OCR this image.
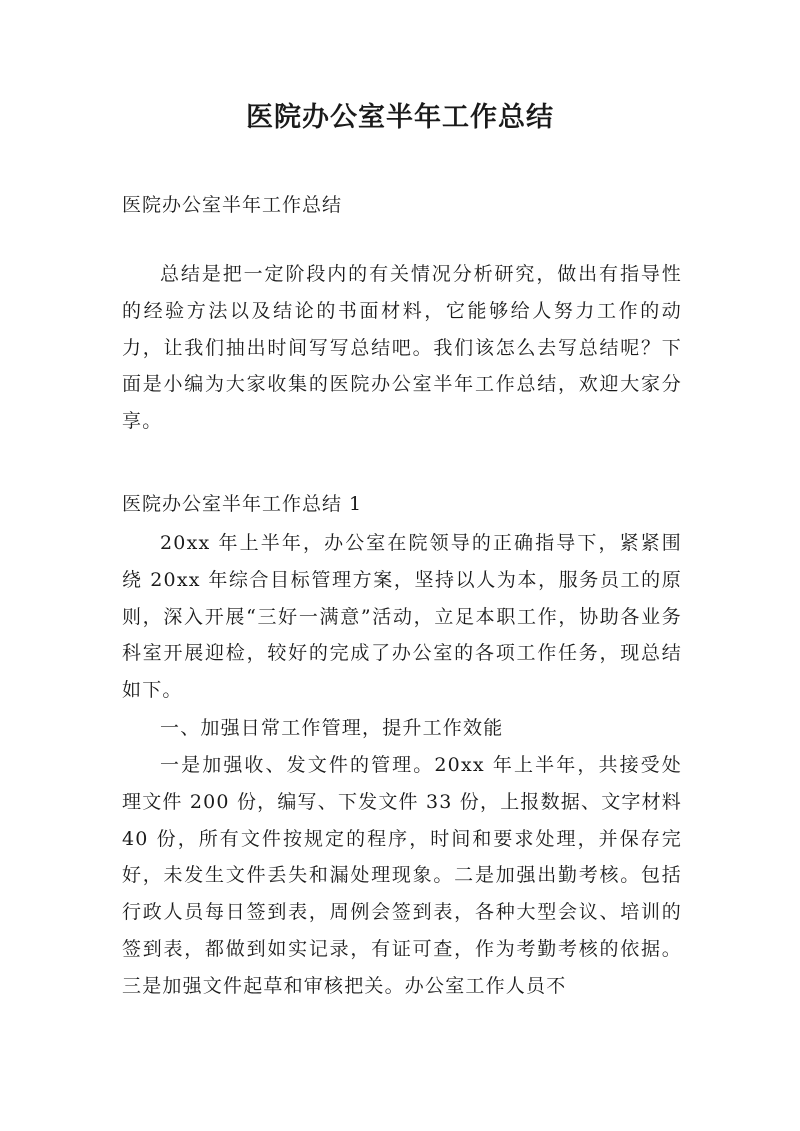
医院办公室半年工作总结

医院办公室半年工作总结

总结是把一定阶段内的有关情况分析研究，做出有指导性的经验方法以及结论的书面材料，它能够给人努力工作的动力，让我们抽出时间写写总结吧。我们该怎么去写总结呢？下面是小编为大家收集的医院办公室半年工作总结，欢迎大家分享。

医院办公室半年工作总结 1

20xx 年上半年，办公室在院领导的正确指导下，紧紧围绕 20xx 年综合目标管理方案，坚持以人为本，服务员工的原则，深入开展“三好一满意”活动，立足本职工作，协助各业务科室开展迎检，较好的完成了办公室的各项工作任务，现总结如下。

一、加强日常工作管理，提升工作效能

一是加强收、发文件的管理。20xx 年上半年，共接受处理文件 200 份，编写、下发文件 33 份，上报数据、文字材料 40 份，所有文件按规定的程序，时间和要求处理，并保存完好，未发生文件丢失和漏处理现象。二是加强出勤考核。包括行政人员每日签到表，周例会签到表，各种大型会议、培训的签到表，都做到如实记录，有证可查，作为考勤考核的依据。三是加强文件起草和审核把关。办公室工作人员不
